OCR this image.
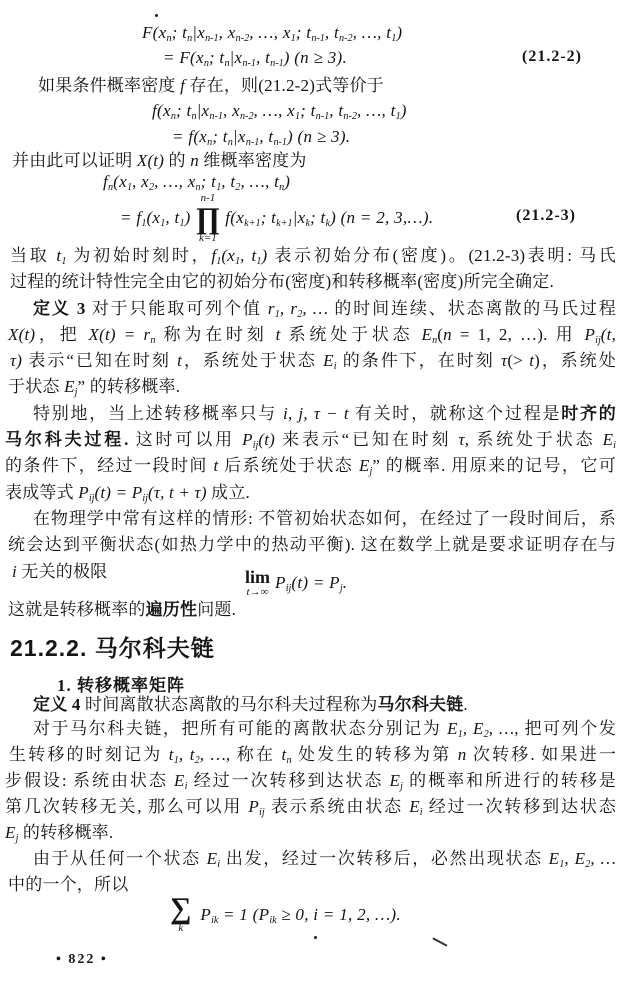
$F(x_n$; $t_n|x_{n-1}$, $x_{n-2}$, …, $x_1$; $t_{n-1}$, $t_{n-2}$, …, $t_1$)
= $F(x_n$; $t_n|x_{n-1}$, $t_{n-1}$) (n ≥ 3).	(21.2-2)
如果条件概率密度 f 存在，则(21.2-2)式等价于
$f(x_n$; $t_n|x_{n-1}$, $x_{n-2}$, …, $x_1$; $t_{n-1}$, $t_{n-2}$, …, $t_1$)
= $f(x_n$; $t_n|x_{n-1}$, $t_{n-1}$) (n ≥ 3).
并由此可以证明 X(t) 的 n 维概率密度为
$f_n(x_1$, $x_2$, …, $x_n$; $t_1$, $t_2$, …, $t_n$)
= $f_1(x_1$, $t_1$)
n-1
∏
k=1
$f(x_{k+1}$; $t_{k+1}|x_k$; $t_k$) (n = 2, 3,…).	(21.2-3)
当取 $t_1$ 为初始时刻时，$f_1(x_1$, $t_1$) 表示初始分布(密度)。(21.2-3)表明: 马氏
过程的统计特性完全由它的初始分布(密度)和转移概率(密度)所完全确定.
定义 3 对于只能取可列个值 $r_1$, $r_2$, … 的时间连续、状态离散的马氏过程
X(t)，把 $X(t) = r_n$ 称为在时刻 t 系统处于状态 $E_n(n = 1$, 2, …). 用 $P_{ij}(t$,
τ) 表示“已知在时刻 t，系统处于状态 $E_i$ 的条件下，在时刻 τ(> t)，系统处
于状态 $E_j$” 的转移概率.
特别地，当上述转移概率只与 i, j, τ − t 有关时，就称这个过程是时齐的
马尔科夫过程. 这时可以用 $P_{ij}(t)$ 来表示“已知在时刻 τ, 系统处于状态 $E_i$
的条件下，经过一段时间 t 后系统处于状态 $E_j$” 的概率. 用原来的记号，它可
表成等式 $P_{ij}(t) = P_{ij}(\tau$, t + τ) 成立.
在物理学中常有这样的情形: 不管初始状态如何，在经过了一段时间后，系
统会达到平衡状态(如热力学中的热动平衡). 这在数学上就是要求证明存在与
i 无关的极限	lim
t→∞ $P_{ij}(t) = P_j$.
这就是转移概率的遍历性问题.
21.2.2. 马尔科夫链
1. 转移概率矩阵
定义 4 时间离散状态离散的马尔科夫过程称为马尔科夫链.
对于马尔科夫链，把所有可能的离散状态分别记为 $E_1$, $E_2$, …, 把可列个发
生转移的时刻记为 $t_1$, $t_2$, …, 称在 $t_n$ 处发生的转移为第 n 次转移. 如果进一
步假设: 系统由状态 $E_i$ 经过一次转移到达状态 $E_j$ 的概率和所进行的转移是
第几次转移无关, 那么可以用 $P_{ij}$ 表示系统由状态 $E_i$ 经过一次转移到达状态
$E_j$ 的转移概率.
由于从任何一个状态 $E_i$ 出发，经过一次转移后，必然出现状态 $E_1$, $E_2$, …
中的一个，所以
∑
k
$P_{ik} = 1$ ($P_{ik} \ge 0$, i = 1, 2, …).
• 822 •
